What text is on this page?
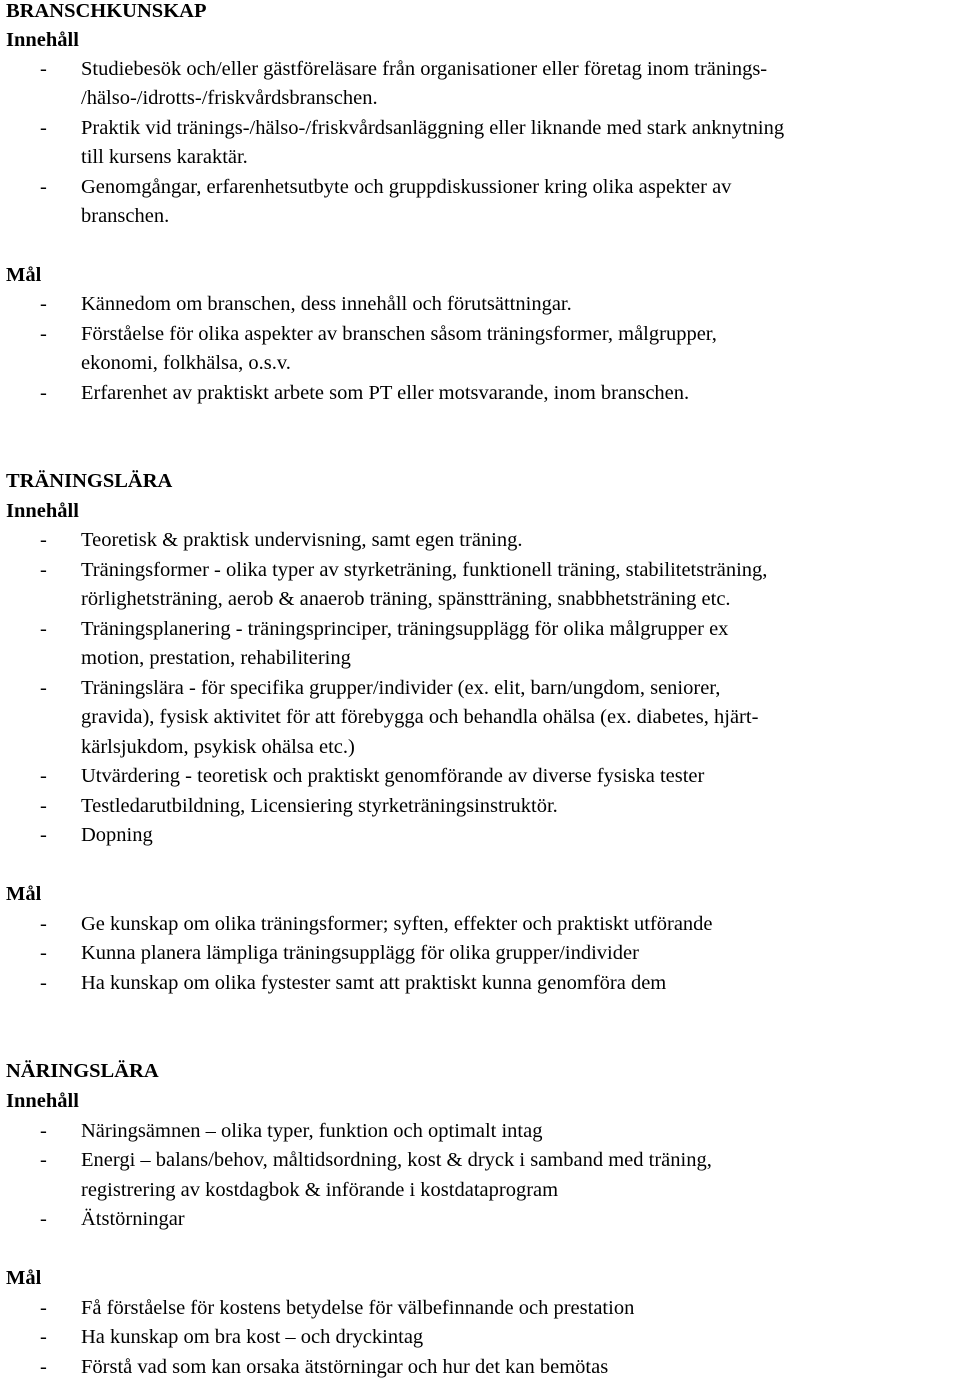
BRANSCHKUNSKAP
Innehåll
-	Studiebesök och/eller gästföreläsare från organisationer eller företag inom tränings-
/hälso-/idrotts-/friskvårdsbranschen.
-	Praktik vid tränings-/hälso-/friskvårdsanläggning eller liknande med stark anknytning
till kursens karaktär.
-	Genomgångar, erfarenhetsutbyte och gruppdiskussioner kring olika aspekter av
branschen.
Mål
-	Kännedom om branschen, dess innehåll och förutsättningar.
-	Förståelse för olika aspekter av branschen såsom träningsformer, målgrupper,
ekonomi, folkhälsa, o.s.v.
-	Erfarenhet av praktiskt arbete som PT eller motsvarande, inom branschen.
TRÄNINGSLÄRA
Innehåll
-	Teoretisk & praktisk undervisning, samt egen träning.
-	Träningsformer - olika typer av styrketräning, funktionell träning, stabilitetsträning,
rörlighetsträning, aerob & anaerob träning, spänstträning, snabbhetsträning etc.
-	Träningsplanering - träningsprinciper, träningsupplägg för olika målgrupper ex
motion, prestation, rehabilitering
-	Träningslära - för specifika grupper/individer (ex. elit, barn/ungdom, seniorer,
gravida), fysisk aktivitet för att förebygga och behandla ohälsa (ex. diabetes, hjärt-
kärlsjukdom, psykisk ohälsa etc.)
-	Utvärdering - teoretisk och praktiskt genomförande av diverse fysiska tester
-	Testledarutbildning, Licensiering styrketräningsinstruktör.
-	Dopning
Mål
-	Ge kunskap om olika träningsformer; syften, effekter och praktiskt utförande
-	Kunna planera lämpliga träningsupplägg för olika grupper/individer
-	Ha kunskap om olika fystester samt att praktiskt kunna genomföra dem
NÄRINGSLÄRA
Innehåll
-	Näringsämnen – olika typer, funktion och optimalt intag
-	Energi – balans/behov, måltidsordning, kost & dryck i samband med träning,
registrering av kostdagbok & införande i kostdataprogram
-	Ätstörningar
Mål
-	Få förståelse för kostens betydelse för välbefinnande och prestation
-	Ha kunskap om bra kost – och dryckintag
-	Förstå vad som kan orsaka ätstörningar och hur det kan bemötas
